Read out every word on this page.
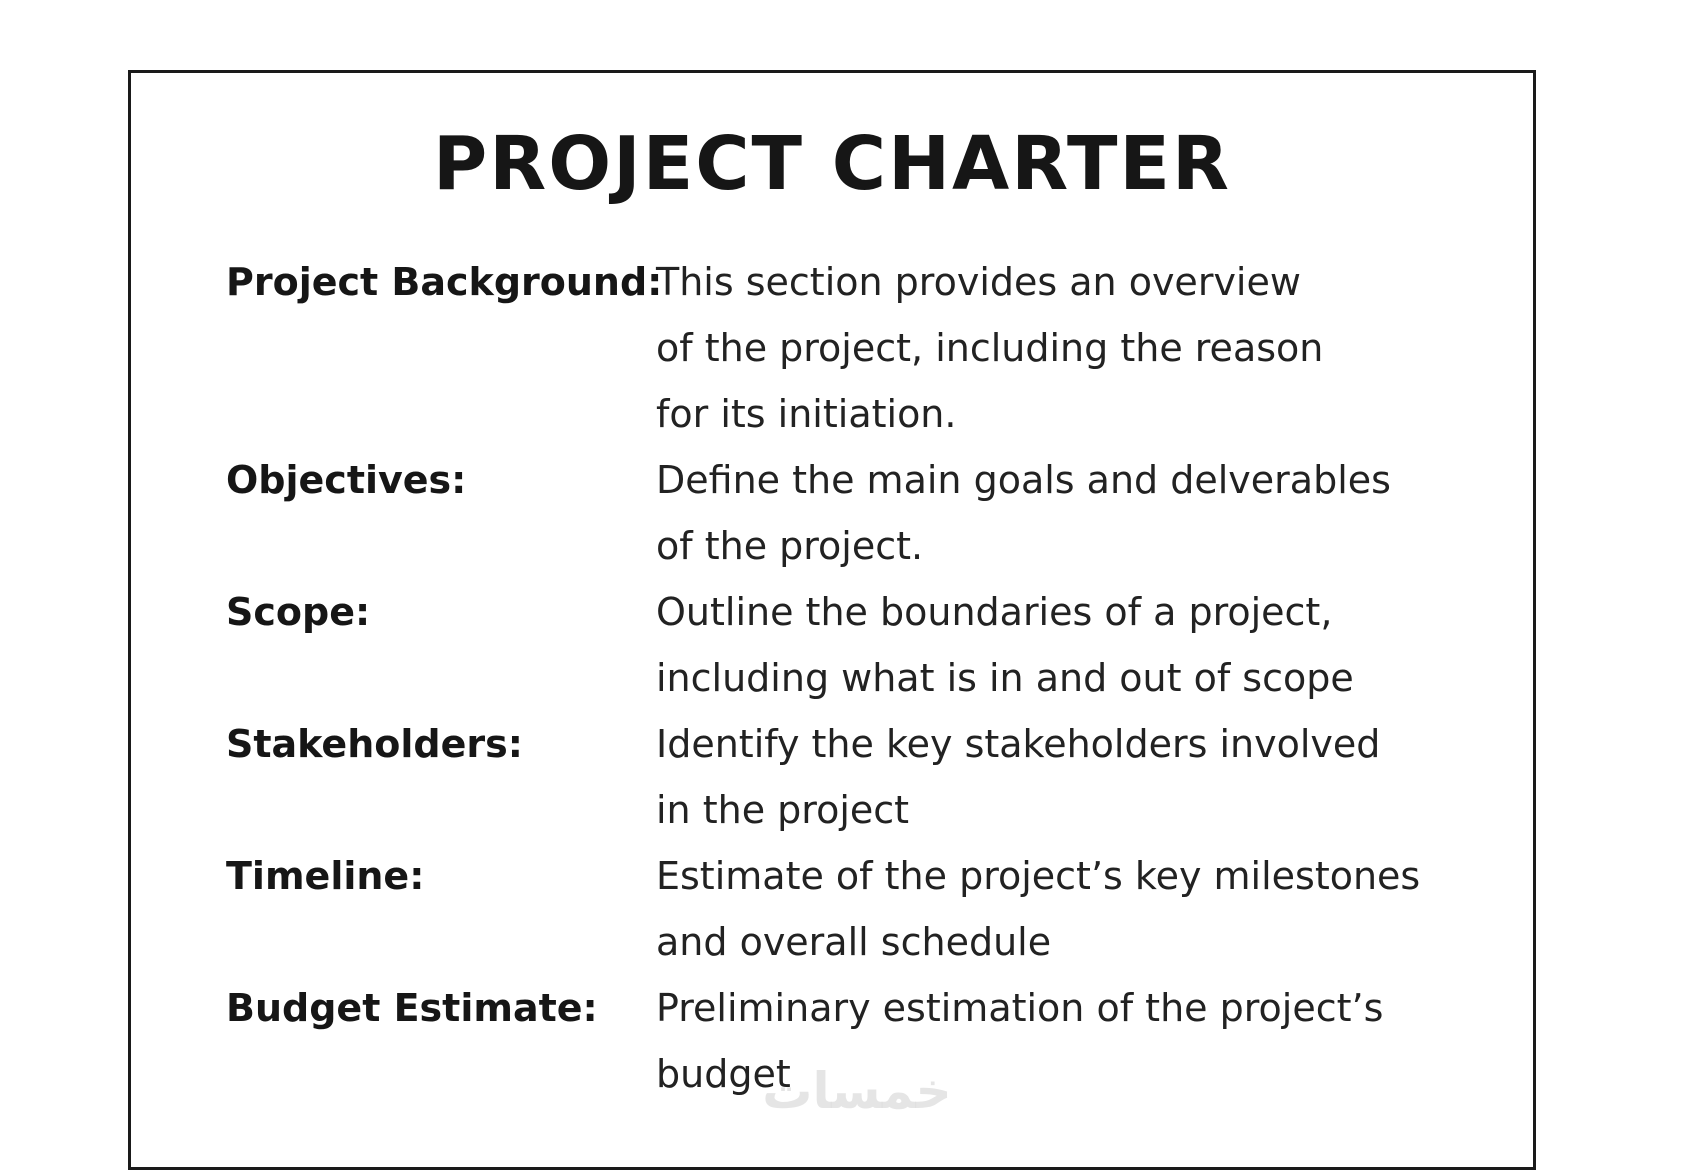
PROJECT CHARTER
Project Background:
This section provides an overview
of the project, including the reason
for its initiation.
Objectives:	Define the main goals and delverables
of the project.
Scope:	Outline the boundaries of a project,
including what is in and out of scope
Stakeholders:	Identify the key stakeholders involved
in the project
Timeline:	Estimate of the project’s key milestones
and overall schedule
Budget Estimate:	Preliminary estimation of the project’s
budget
خمسات
